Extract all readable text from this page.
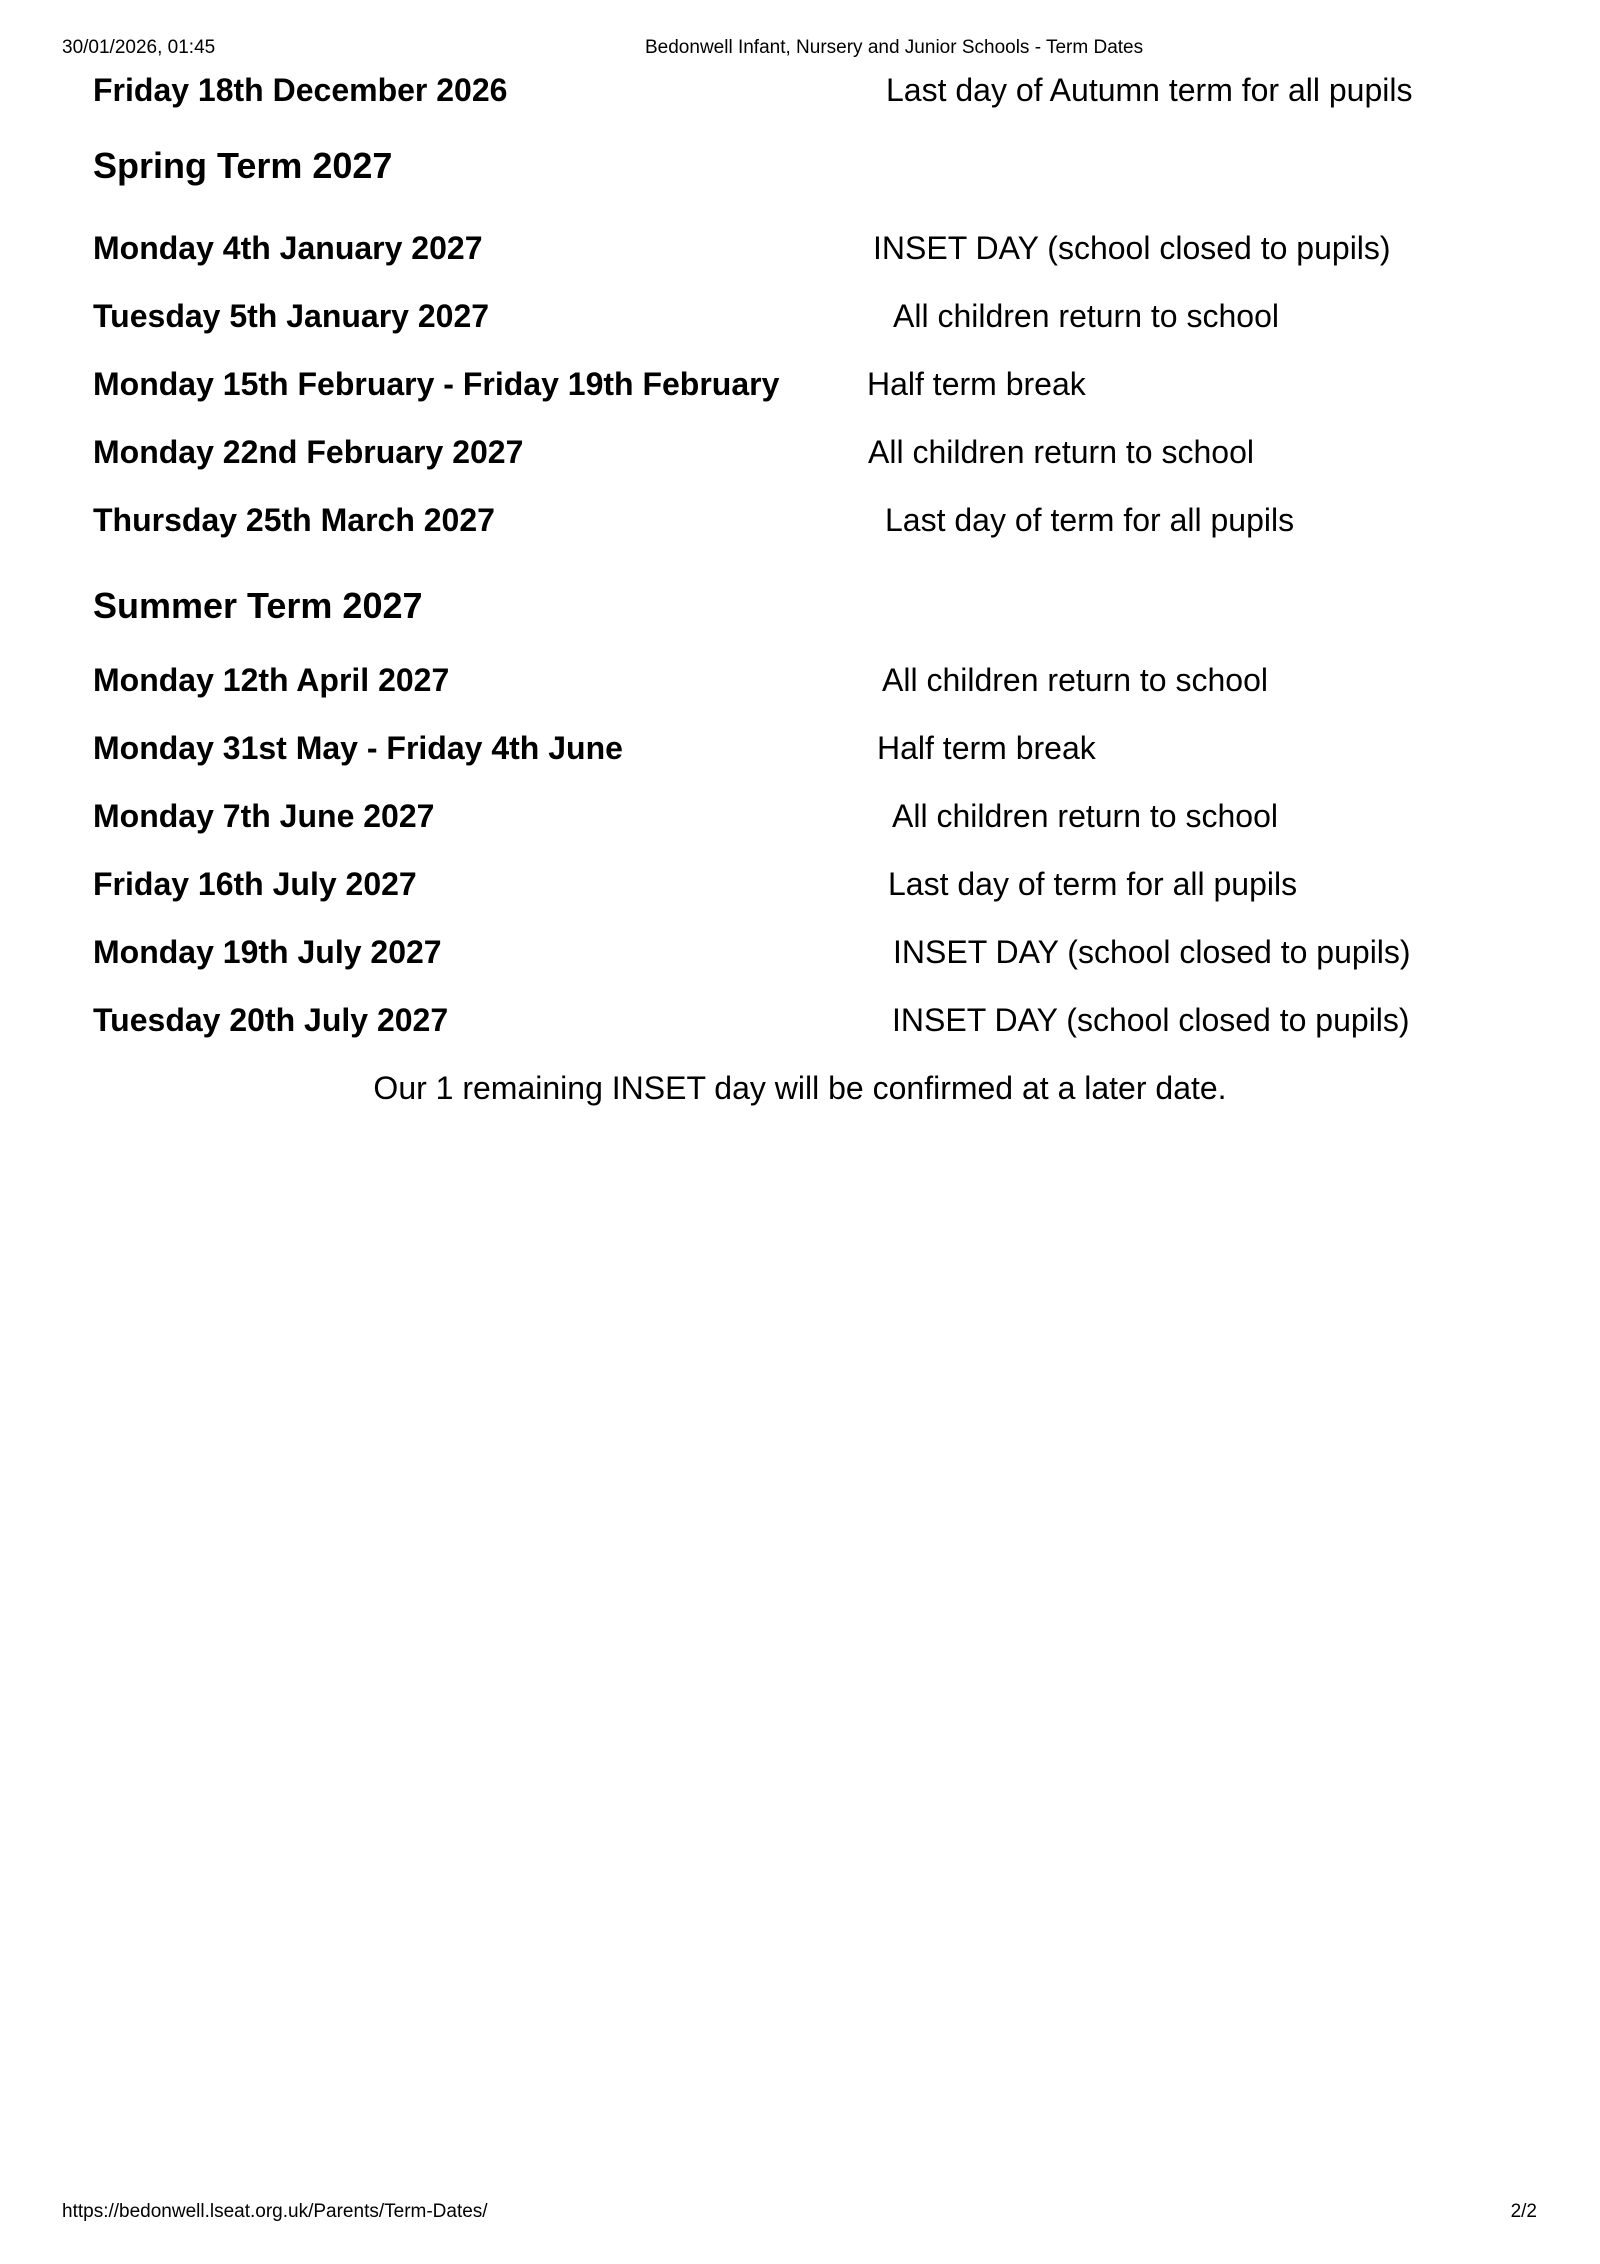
30/01/2026, 01:45	Bedonwell Infant, Nursery and Junior Schools - Term Dates
Friday 18th December 2026	Last day of Autumn term for all pupils
Spring Term 2027
Monday 4th January 2027	INSET DAY (school closed to pupils)
Tuesday 5th January 2027	All children return to school
Monday 15th February - Friday 19th February	Half term break
Monday 22nd February 2027	All children return to school
Thursday 25th March 2027	Last day of term for all pupils
Summer Term 2027
Monday 12th April 2027	All children return to school
Monday 31st May - Friday 4th June	Half term break
Monday 7th June 2027	All children return to school
Friday 16th July 2027	Last day of term for all pupils
Monday 19th July 2027	INSET DAY (school closed to pupils)
Tuesday 20th July 2027	INSET DAY (school closed to pupils)

Our 1 remaining INSET day will be confirmed at a later date.

https://bedonwell.lseat.org.uk/Parents/Term-Dates/	2/2
